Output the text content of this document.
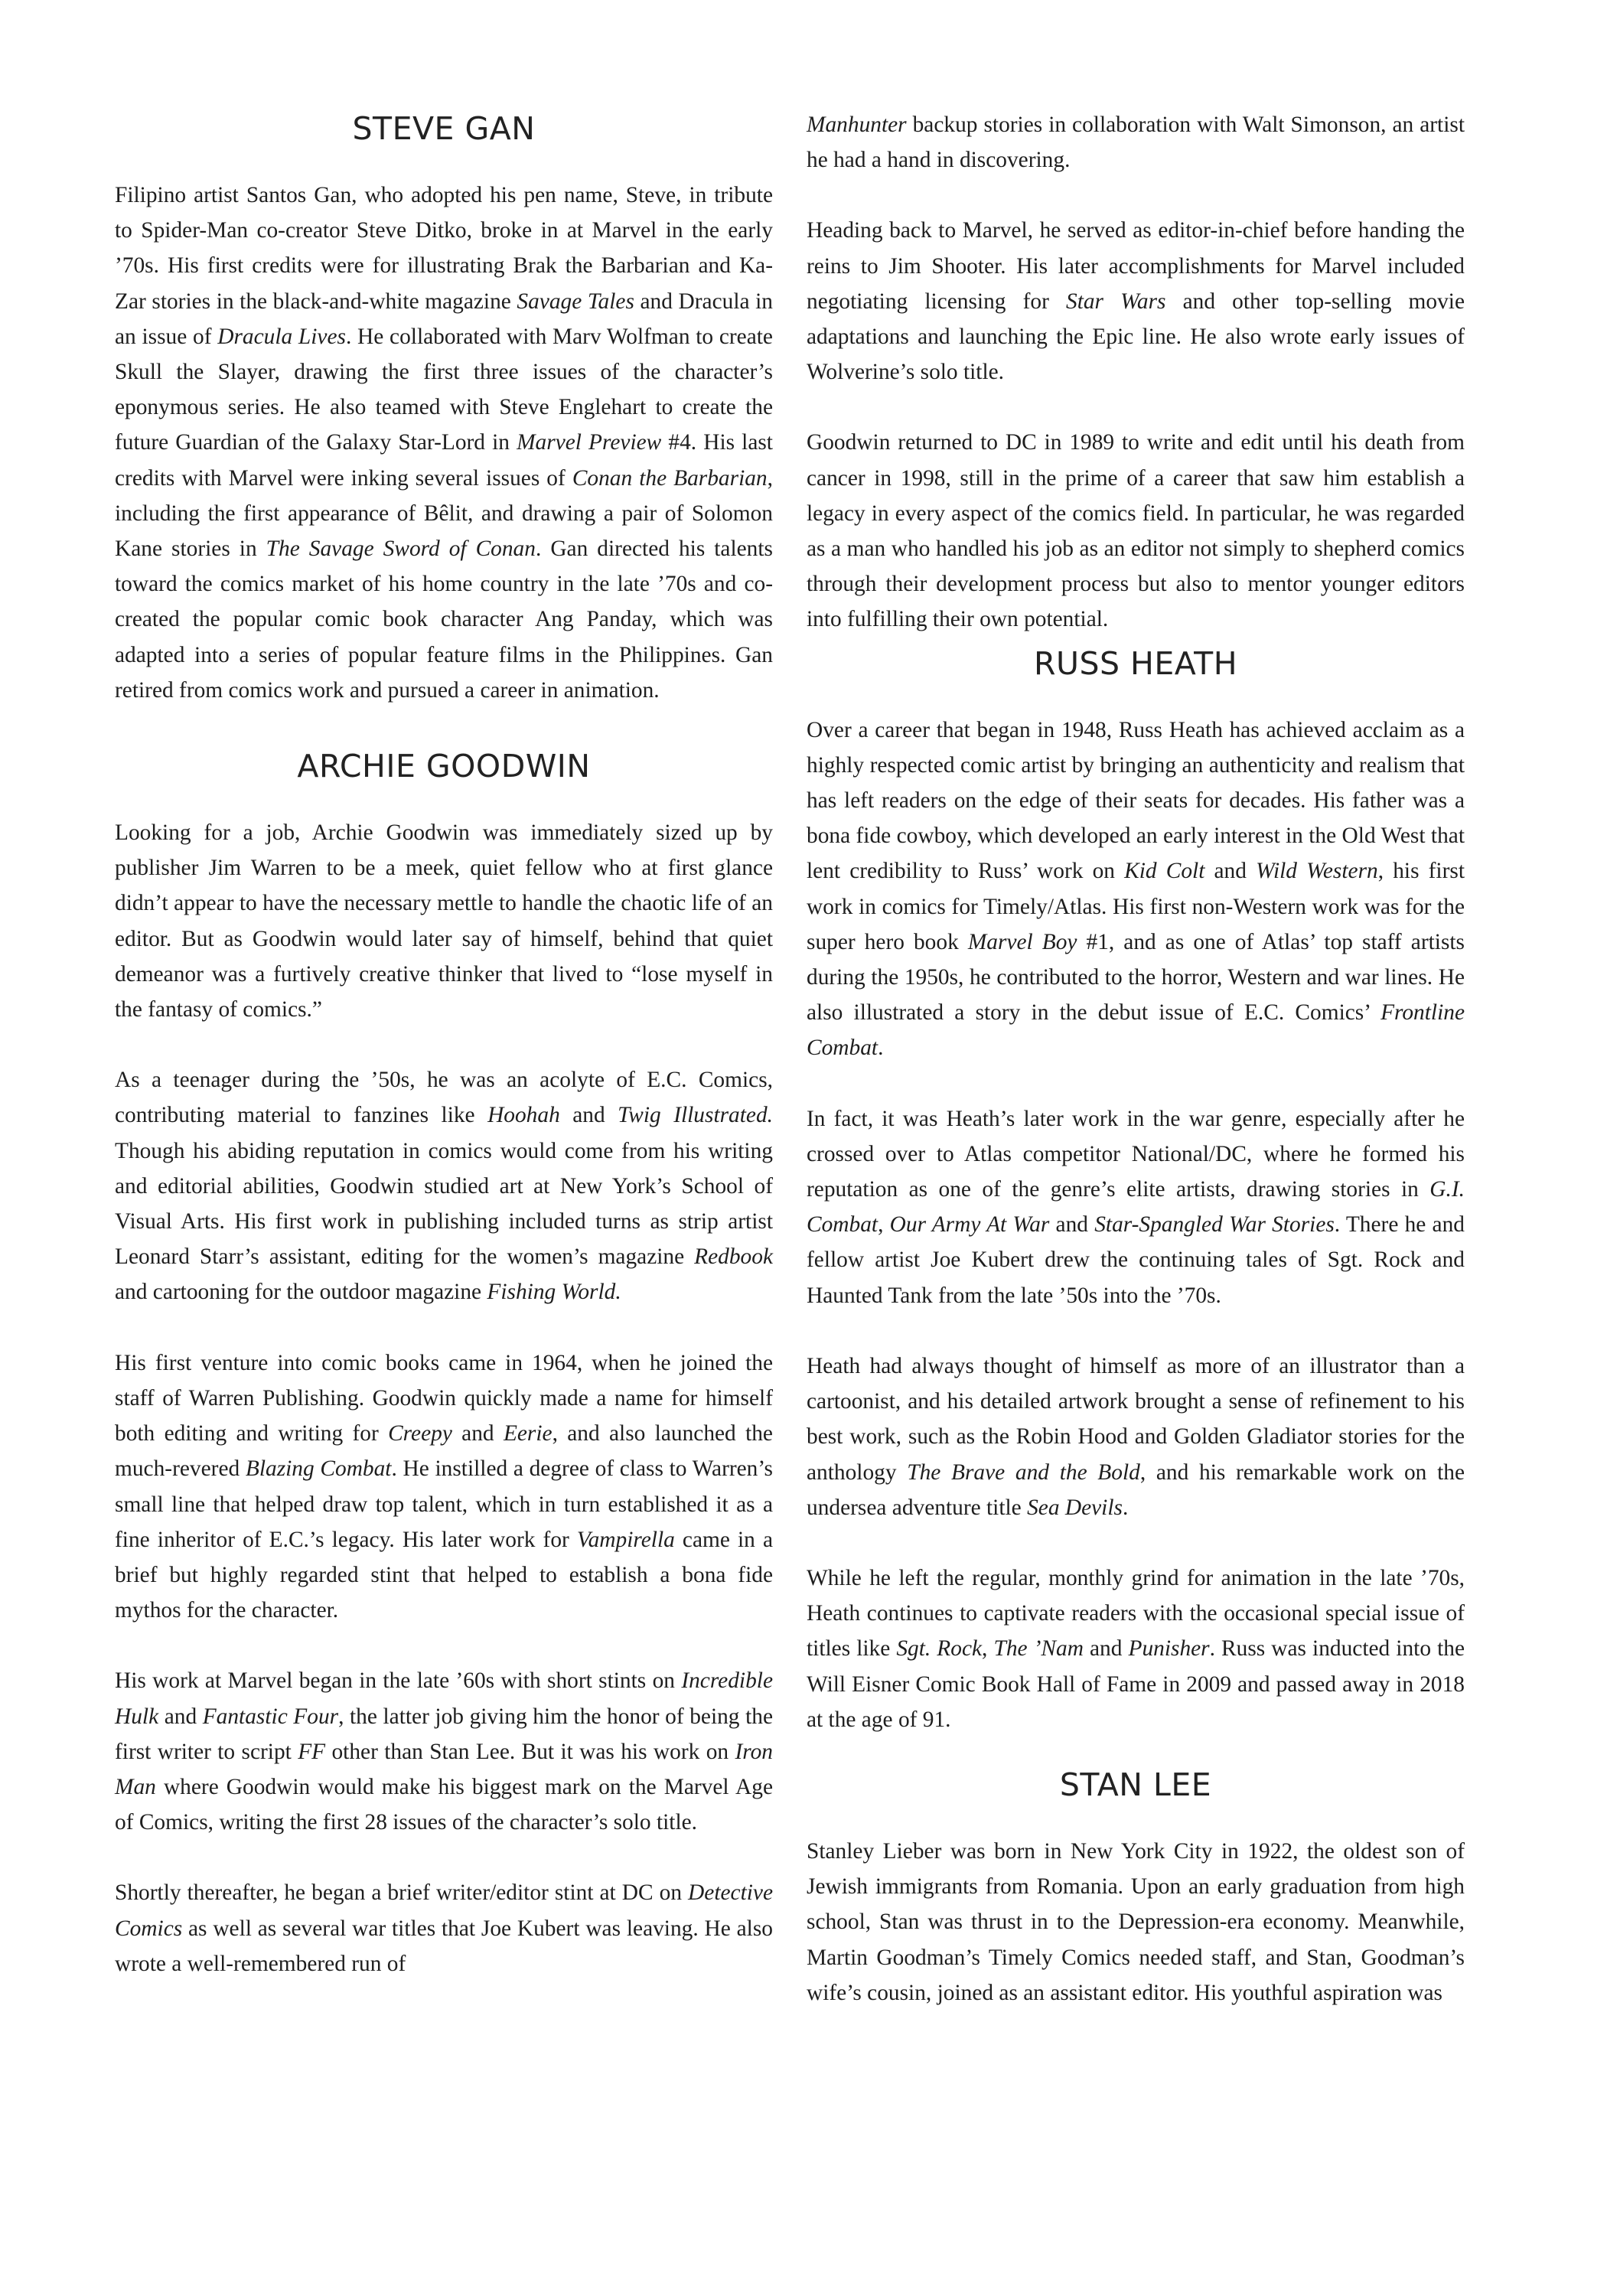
STEVE GAN

Filipino artist Santos Gan, who adopted his pen name, Steve, in tribute to Spider-Man co-creator Steve Ditko, broke in at Marvel in the early ’70s. His first credits were for illustrating Brak the Barbarian and Ka-Zar stories in the black-and-white magazine Savage Tales and Dracula in an issue of Dracula Lives. He collaborated with Marv Wolfman to create Skull the Slayer, drawing the first three issues of the character’s eponymous series. He also teamed with Steve Englehart to create the future Guardian of the Galaxy Star-Lord in Marvel Preview #4. His last credits with Marvel were inking several issues of Conan the Barbarian, including the first appearance of Bêlit, and drawing a pair of Solomon Kane stories in The Savage Sword of Conan. Gan directed his talents toward the comics market of his home country in the late ’70s and co-created the popular comic book character Ang Panday, which was adapted into a series of popular feature films in the Philippines. Gan retired from comics work and pursued a career in animation.

ARCHIE GOODWIN

Looking for a job, Archie Goodwin was immediately sized up by publisher Jim Warren to be a meek, quiet fellow who at first glance didn’t appear to have the necessary mettle to handle the chaotic life of an editor. But as Goodwin would later say of himself, behind that quiet demeanor was a furtively creative thinker that lived to “lose myself in the fantasy of comics.”

As a teenager during the ’50s, he was an acolyte of E.C. Comics, contributing material to fanzines like Hoohah and Twig Illustrated. Though his abiding reputation in comics would come from his writing and editorial abilities, Goodwin studied art at New York’s School of Visual Arts. His first work in publishing included turns as strip artist Leonard Starr’s assistant, editing for the women’s magazine Redbook and cartooning for the outdoor magazine Fishing World.

His first venture into comic books came in 1964, when he joined the staff of Warren Publishing. Goodwin quickly made a name for himself both editing and writing for Creepy and Eerie, and also launched the much-revered Blazing Combat. He instilled a degree of class to Warren’s small line that helped draw top talent, which in turn established it as a fine inheritor of E.C.’s legacy. His later work for Vampirella came in a brief but highly regarded stint that helped to establish a bona fide mythos for the character.

His work at Marvel began in the late ’60s with short stints on Incredible Hulk and Fantastic Four, the latter job giving him the honor of being the first writer to script FF other than Stan Lee. But it was his work on Iron Man where Goodwin would make his biggest mark on the Marvel Age of Comics, writing the first 28 issues of the character’s solo title.

Shortly thereafter, he began a brief writer/editor stint at DC on Detective Comics as well as several war titles that Joe Kubert was leaving. He also wrote a well-remembered run of

Manhunter backup stories in collaboration with Walt Simonson, an artist he had a hand in discovering.

Heading back to Marvel, he served as editor-in-chief before handing the reins to Jim Shooter. His later accomplishments for Marvel included negotiating licensing for Star Wars and other top-selling movie adaptations and launching the Epic line. He also wrote early issues of Wolverine’s solo title.

Goodwin returned to DC in 1989 to write and edit until his death from cancer in 1998, still in the prime of a career that saw him establish a legacy in every aspect of the comics field. In particular, he was regarded as a man who handled his job as an editor not simply to shepherd comics through their development process but also to mentor younger editors into fulfilling their own potential.

RUSS HEATH

Over a career that began in 1948, Russ Heath has achieved acclaim as a highly respected comic artist by bringing an authenticity and realism that has left readers on the edge of their seats for decades. His father was a bona fide cowboy, which developed an early interest in the Old West that lent credibility to Russ’ work on Kid Colt and Wild Western, his first work in comics for Timely/Atlas. His first non-Western work was for the super hero book Marvel Boy #1, and as one of Atlas’ top staff artists during the 1950s, he contributed to the horror, Western and war lines. He also illustrated a story in the debut issue of E.C. Comics’ Frontline Combat.

In fact, it was Heath’s later work in the war genre, especially after he crossed over to Atlas competitor National/DC, where he formed his reputation as one of the genre’s elite artists, drawing stories in G.I. Combat, Our Army At War and Star-Spangled War Stories. There he and fellow artist Joe Kubert drew the continuing tales of Sgt. Rock and Haunted Tank from the late ’50s into the ’70s.

Heath had always thought of himself as more of an illustrator than a cartoonist, and his detailed artwork brought a sense of refinement to his best work, such as the Robin Hood and Golden Gladiator stories for the anthology The Brave and the Bold, and his remarkable work on the undersea adventure title Sea Devils.

While he left the regular, monthly grind for animation in the late ’70s, Heath continues to captivate readers with the occasional special issue of titles like Sgt. Rock, The ’Nam and Punisher. Russ was inducted into the Will Eisner Comic Book Hall of Fame in 2009 and passed away in 2018 at the age of 91.

STAN LEE

Stanley Lieber was born in New York City in 1922, the oldest son of Jewish immigrants from Romania. Upon an early graduation from high school, Stan was thrust in to the Depression-era economy. Meanwhile, Martin Goodman’s Timely Comics needed staff, and Stan, Goodman’s wife’s cousin, joined as an assistant editor. His youthful aspiration was
